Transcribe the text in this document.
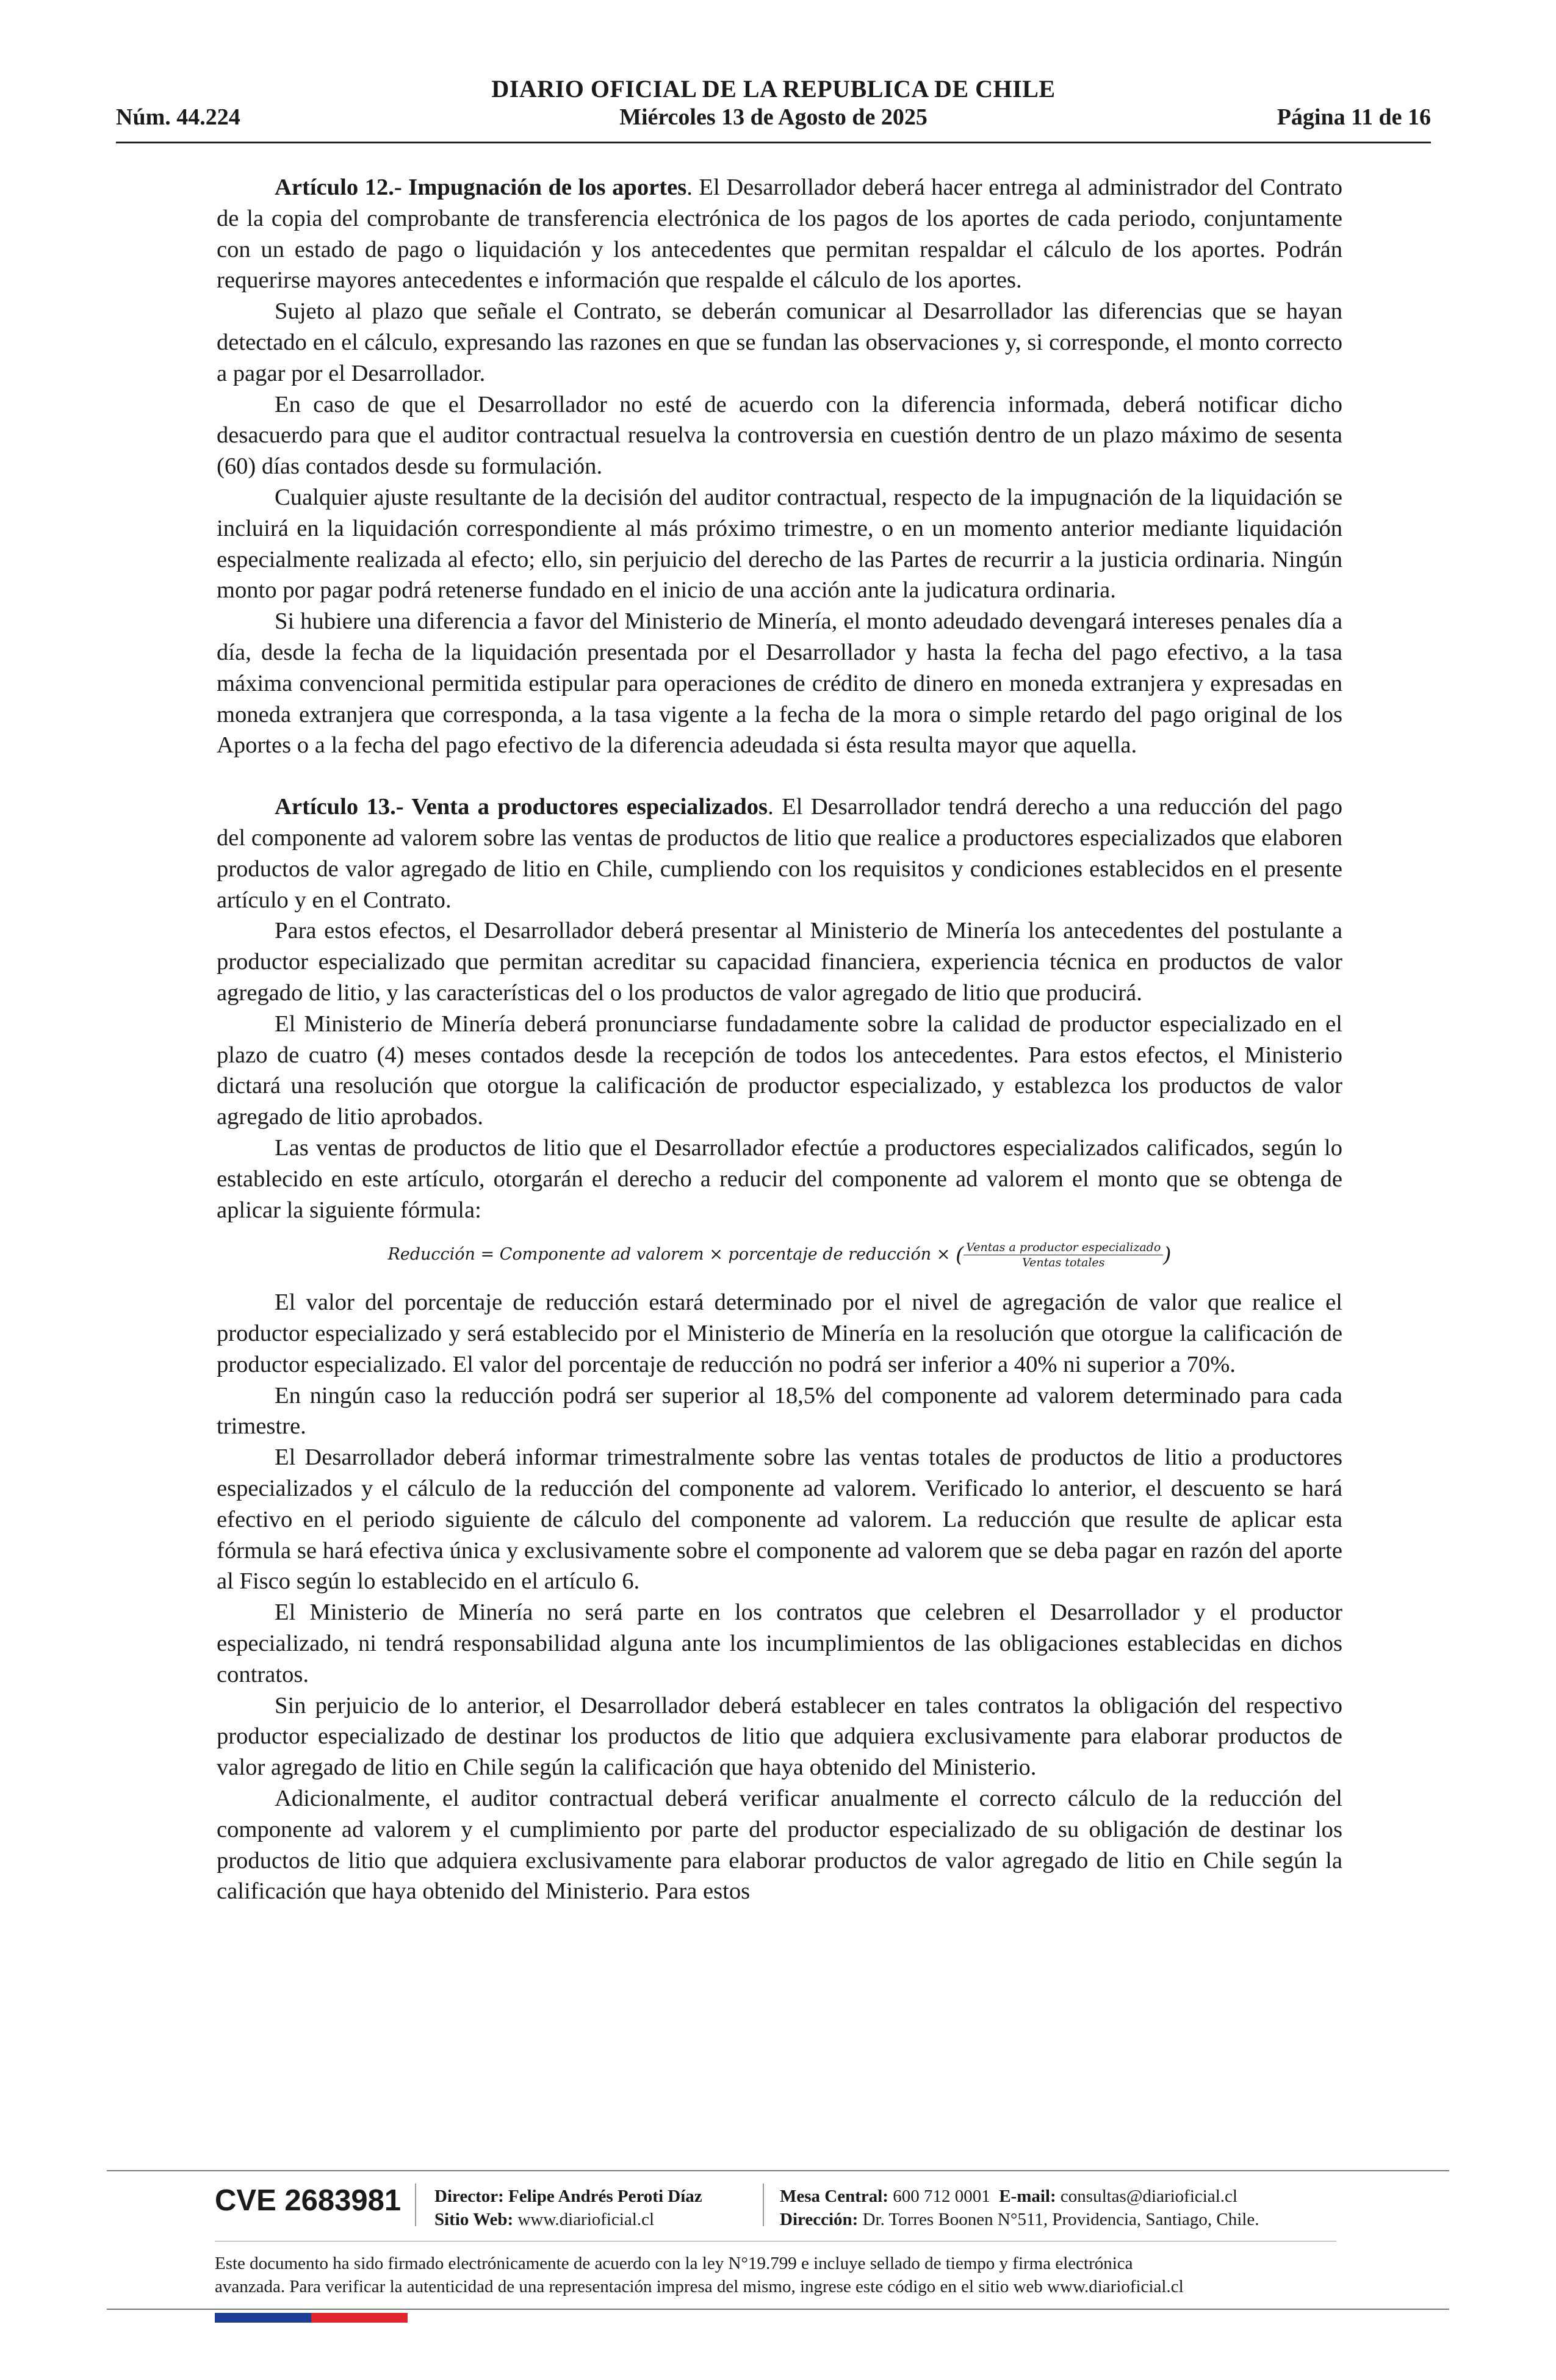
DIARIO OFICIAL DE LA REPUBLICA DE CHILE
Núm. 44.224	Miércoles 13 de Agosto de 2025	Página 11 de 16

Artículo 12.- Impugnación de los aportes. El Desarrollador deberá hacer entrega al administrador del Contrato de la copia del comprobante de transferencia electrónica de los pagos de los aportes de cada periodo, conjuntamente con un estado de pago o liquidación y los antecedentes que permitan respaldar el cálculo de los aportes. Podrán requerirse mayores antecedentes e información que respalde el cálculo de los aportes.

Sujeto al plazo que señale el Contrato, se deberán comunicar al Desarrollador las diferencias que se hayan detectado en el cálculo, expresando las razones en que se fundan las observaciones y, si corresponde, el monto correcto a pagar por el Desarrollador.

En caso de que el Desarrollador no esté de acuerdo con la diferencia informada, deberá notificar dicho desacuerdo para que el auditor contractual resuelva la controversia en cuestión dentro de un plazo máximo de sesenta (60) días contados desde su formulación.

Cualquier ajuste resultante de la decisión del auditor contractual, respecto de la impugnación de la liquidación se incluirá en la liquidación correspondiente al más próximo trimestre, o en un momento anterior mediante liquidación especialmente realizada al efecto; ello, sin perjuicio del derecho de las Partes de recurrir a la justicia ordinaria. Ningún monto por pagar podrá retenerse fundado en el inicio de una acción ante la judicatura ordinaria.

Si hubiere una diferencia a favor del Ministerio de Minería, el monto adeudado devengará intereses penales día a día, desde la fecha de la liquidación presentada por el Desarrollador y hasta la fecha del pago efectivo, a la tasa máxima convencional permitida estipular para operaciones de crédito de dinero en moneda extranjera y expresadas en moneda extranjera que corresponda, a la tasa vigente a la fecha de la mora o simple retardo del pago original de los Aportes o a la fecha del pago efectivo de la diferencia adeudada si ésta resulta mayor que aquella.

Artículo 13.- Venta a productores especializados. El Desarrollador tendrá derecho a una reducción del pago del componente ad valorem sobre las ventas de productos de litio que realice a productores especializados que elaboren productos de valor agregado de litio en Chile, cumpliendo con los requisitos y condiciones establecidos en el presente artículo y en el Contrato.

Para estos efectos, el Desarrollador deberá presentar al Ministerio de Minería los antecedentes del postulante a productor especializado que permitan acreditar su capacidad financiera, experiencia técnica en productos de valor agregado de litio, y las características del o los productos de valor agregado de litio que producirá.

El Ministerio de Minería deberá pronunciarse fundadamente sobre la calidad de productor especializado en el plazo de cuatro (4) meses contados desde la recepción de todos los antecedentes. Para estos efectos, el Ministerio dictará una resolución que otorgue la calificación de productor especializado, y establezca los productos de valor agregado de litio aprobados.

Las ventas de productos de litio que el Desarrollador efectúe a productores especializados calificados, según lo establecido en este artículo, otorgarán el derecho a reducir del componente ad valorem el monto que se obtenga de aplicar la siguiente fórmula:

Reducción = Componente ad valorem × porcentaje de reducción × ( $\frac{\text{Ventas a productor especializado}}{\text{Ventas totales}}$ )

El valor del porcentaje de reducción estará determinado por el nivel de agregación de valor que realice el productor especializado y será establecido por el Ministerio de Minería en la resolución que otorgue la calificación de productor especializado. El valor del porcentaje de reducción no podrá ser inferior a 40% ni superior a 70%.

En ningún caso la reducción podrá ser superior al 18,5% del componente ad valorem determinado para cada trimestre.

El Desarrollador deberá informar trimestralmente sobre las ventas totales de productos de litio a productores especializados y el cálculo de la reducción del componente ad valorem. Verificado lo anterior, el descuento se hará efectivo en el periodo siguiente de cálculo del componente ad valorem. La reducción que resulte de aplicar esta fórmula se hará efectiva única y exclusivamente sobre el componente ad valorem que se deba pagar en razón del aporte al Fisco según lo establecido en el artículo 6.

El Ministerio de Minería no será parte en los contratos que celebren el Desarrollador y el productor especializado, ni tendrá responsabilidad alguna ante los incumplimientos de las obligaciones establecidas en dichos contratos.

Sin perjuicio de lo anterior, el Desarrollador deberá establecer en tales contratos la obligación del respectivo productor especializado de destinar los productos de litio que adquiera exclusivamente para elaborar productos de valor agregado de litio en Chile según la calificación que haya obtenido del Ministerio.

Adicionalmente, el auditor contractual deberá verificar anualmente el correcto cálculo de la reducción del componente ad valorem y el cumplimiento por parte del productor especializado de su obligación de destinar los productos de litio que adquiera exclusivamente para elaborar productos de valor agregado de litio en Chile según la calificación que haya obtenido del Ministerio. Para estos

CVE 2683981 Director: Felipe Andrés Peroti Díaz
Sitio Web: www.diarioficial.cl
Mesa Central: 600 712 0001 E-mail: consultas@diarioficial.cl
Dirección: Dr. Torres Boonen N°511, Providencia, Santiago, Chile.
Este documento ha sido firmado electrónicamente de acuerdo con la ley N°19.799 e incluye sellado de tiempo y firma electrónica
avanzada. Para verificar la autenticidad de una representación impresa del mismo, ingrese este código en el sitio web www.diarioficial.cl
